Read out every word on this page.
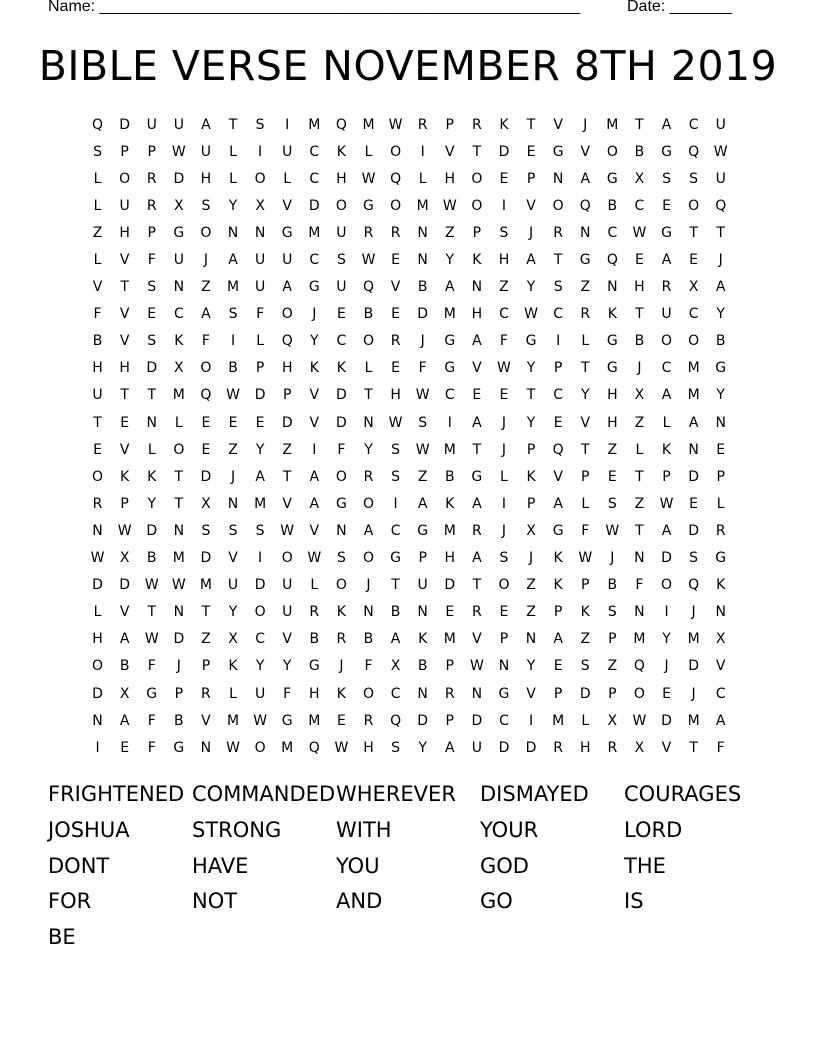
Name: ______________________________________________________	Date: _______
BIBLE VERSE NOVEMBER 8TH 2019
Q	D	U	U	A	T	S	I	M	Q	M	W	R	P	R	K	T	V	J	M	T	A	C	U
S	P	P	W	U	L	I	U	C	K	L	O	I	V	T	D	E	G	V	O	B	G	Q	W
L	O	R	D	H	L	O	L	C	H	W	Q	L	H	O	E	P	N	A	G	X	S	S	U
L	U	R	X	S	Y	X	V	D	O	G	O	M	W	O	I	V	O	Q	B	C	E	O	Q
Z	H	P	G	O	N	N	G	M	U	R	R	N	Z	P	S	J	R	N	C	W	G	T	T
L	V	F	U	J	A	U	U	C	S	W	E	N	Y	K	H	A	T	G	Q	E	A	E	J
V	T	S	N	Z	M	U	A	G	U	Q	V	B	A	N	Z	Y	S	Z	N	H	R	X	A
F	V	E	C	A	S	F	O	J	E	B	E	D	M	H	C	W	C	R	K	T	U	C	Y
B	V	S	K	F	I	L	Q	Y	C	O	R	J	G	A	F	G	I	L	G	B	O	O	B
H	H	D	X	O	B	P	H	K	K	L	E	F	G	V	W	Y	P	T	G	J	C	M	G
U	T	T	M	Q	W	D	P	V	D	T	H	W	C	E	E	T	C	Y	H	X	A	M	Y
T	E	N	L	E	E	E	D	V	D	N	W	S	I	A	J	Y	E	V	H	Z	L	A	N
E	V	L	O	E	Z	Y	Z	I	F	Y	S	W	M	T	J	P	Q	T	Z	L	K	N	E
O	K	K	T	D	J	A	T	A	O	R	S	Z	B	G	L	K	V	P	E	T	P	D	P
R	P	Y	T	X	N	M	V	A	G	O	I	A	K	A	I	P	A	L	S	Z	W	E	L
N	W	D	N	S	S	S	W	V	N	A	C	G	M	R	J	X	G	F	W	T	A	D	R
W	X	B	M	D	V	I	O	W	S	O	G	P	H	A	S	J	K	W	J	N	D	S	G
D	D	W W	M	U	D	U	L	O	J	T	U	D	T	O	Z	K	P	B	F	O	Q	K
L	V	T	N	T	Y	O	U	R	K	N	B	N	E	R	E	Z	P	K	S	N	I	J	N
H	A	W	D	Z	X	C	V	B	R	B	A	K	M	V	P	N	A	Z	P	M	Y	M	X
O	B	F	J	P	K	Y	Y	G	J	F	X	B	P	W	N	Y	E	S	Z	Q	J	D	V
D	X	G	P	R	L	U	F	H	K	O	C	N	R	N	G	V	P	D	P	O	E	J	C
N	A	F	B	V	M	W	G	M	E	R	Q	D	P	D	C	I	M	L	X	W	D	M	A
I	E	F	G	N	W	O	M	Q	W	H	S	Y	A	U	D	D	R	H	R	X	V	T	F
FRIGHTENED COMMANDED WHEREVER	DISMAYED	COURAGES
JOSHUA	STRONG	WITH	YOUR	LORD
DONT	HAVE	YOU	GOD	THE
FOR	NOT	AND	GO	IS
BE
